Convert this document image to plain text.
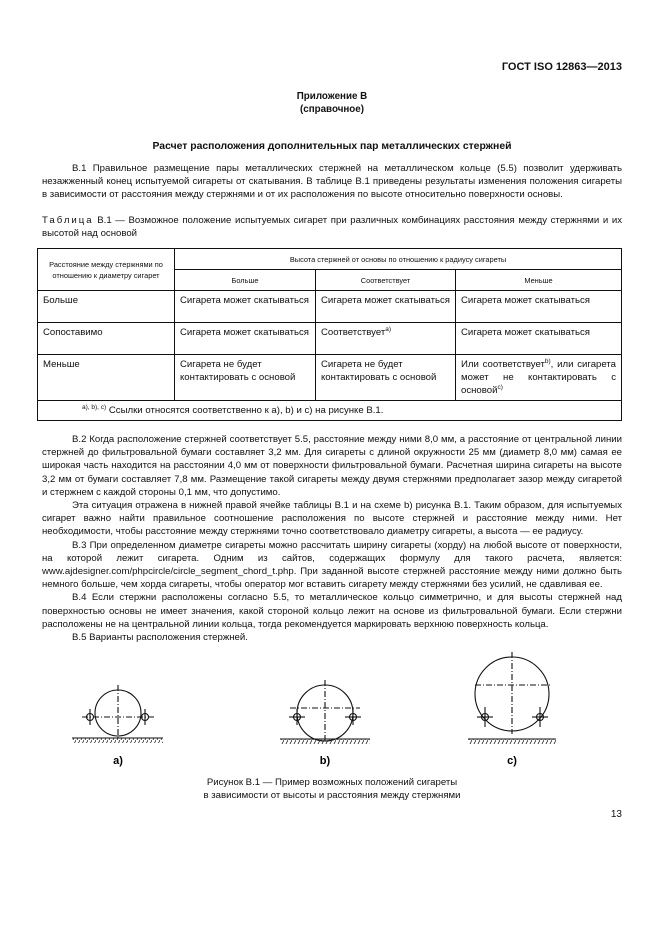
ГОСТ ISO 12863—2013
Приложение В
(справочное)
Расчет расположения дополнительных пар металлических стержней
В.1 Правильное размещение пары металлических стержней на металлическом кольце (5.5) позволит удерживать незажженный конец испытуемой сигареты от скатывания. В таблице В.1 приведены результаты изменения положения сигареты в зависимости от расстояния между стержнями и от их расположения по высоте относительно поверхности основы.
Таблица В.1 — Возможное положение испытуемых сигарет при различных комбинациях расстояния между стержнями и их высотой над основой
Расстояние между стержнями по отношению к диаметру сигарет	Высота стержней от основы по отношению к радиусу сигареты		
	Больше	Соответствует	Меньше
Больше	Сигарета может скатываться	Сигарета может скатываться	Сигарета может скатываться
Сопоставимо	Сигарета может скатываться	Соответствует$^{a)}$	Сигарета может скатываться
Меньше	Сигарета не будет контактировать с основой	Сигарета не будет контактировать с основой	Или соответствует$^{b)}$, или сигарета может не контактировать с основой$^{c)}$
$^{a), b), c)}$ Ссылки относятся соответственно к а), b) и с) на рисунке В.1.			
В.2 Когда расположение стержней соответствует 5.5, расстояние между ними 8,0 мм, а расстояние от центральной линии стержней до фильтровальной бумаги составляет 3,2 мм. Для сигареты с длиной окружности 25 мм (диаметр 8,0 мм) самая ее широкая часть находится на расстоянии 4,0 мм от поверхности фильтровальной бумаги. Расчетная ширина сигареты на высоте 3,2 мм от бумаги составляет 7,8 мм. Размещение такой сигареты между двумя стержнями предполагает зазор между сигаретой и стержнем с каждой стороны 0,1 мм, что допустимо.
Эта ситуация отражена в нижней правой ячейке таблицы В.1 и на схеме b) рисунка В.1. Таким образом, для испытуемых сигарет важно найти правильное соотношение расположения по высоте стержней и расстояние между ними. Нет необходимости, чтобы расстояние между стержнями точно соответствовало диаметру сигареты, а высота — ее радиусу.
В.3 При определенном диаметре сигареты можно рассчитать ширину сигареты (хорду) на любой высоте от поверхности, на которой лежит сигарета. Одним из сайтов, содержащих формулу для такого расчета, является: www.ajdesigner.com/phpcircle/circle_segment_chord_t.php. При заданной высоте стержней расстояние между ними должно быть немного больше, чем хорда сигареты, чтобы оператор мог вставить сигарету между стержнями без усилий, не сдавливая ее.
В.4 Если стержни расположены согласно 5.5, то металлическое кольцо симметрично, и для высоты стержней над поверхностью основы не имеет значения, какой стороной кольцо лежит на основе из фильтровальной бумаги. Если стержни расположены не на центральной линии кольца, тогда рекомендуется маркировать верхнюю поверхность кольца.
В.5 Варианты расположения стержней.
a)	b)	c)
Рисунок В.1 — Пример возможных положений сигареты
в зависимости от высоты и расстояния между стержнями
13
